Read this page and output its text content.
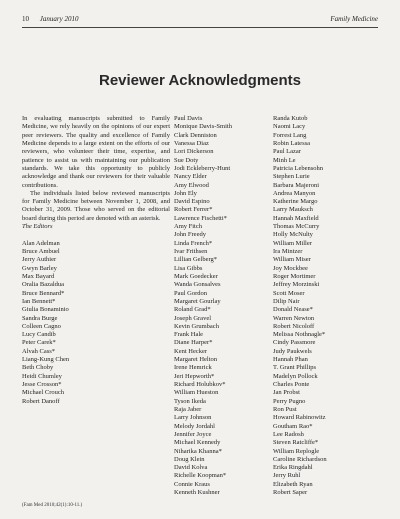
10 January 2010	Family Medicine
Reviewer Acknowledgments

In evaluating manuscripts submitted to Family Medicine, we rely heavily on the opinions of our expert peer reviewers. The quality and excellence of Family Medicine depends to a large extent on the efforts of our reviewers, who volunteer their time, expertise, and patience to assist us with maintaining our publication standards. We take this opportunity to publicly acknowledge and thank our reviewers for their valuable contributions.

The individuals listed below reviewed manuscripts for Family Medicine between November 1, 2008, and October 31, 2009. Those who served on the editorial board during this period are denoted with an asterisk.

The Editors

Alan Adelman
Bruce Ambuel
Jerry Authier
Gwyn Barley
Max Bayard
Oralia Bazaldua
Bruce Bennard*
Ian Bennett*
Giulia Bonaminio
Sandra Burge
Colleen Cagno
Lucy Candib
Peter Carek*
Alvah Cass*
Liang-Kung Chen
Beth Choby
Heidi Chumley
Jesse Crosson*
Michael Crouch
Robert Danoff
Paul Davis
Monique Davis-Smith
Clark Denniston
Vanessa Diaz
Lori Dickerson
Sue Doty
Jodi Eckleberry-Hunt
Nancy Elder
Amy Elwood
John Ely
David Espino
Robert Ferrer*
Lawrence Fischetti*
Amy Fitch
John Freedy
Linda French*
Ivar Frithsen
Lillian Gelberg*
Lisa Gibbs
Mark Goedecker
Wanda Gonsalves
Paul Gordon
Margaret Gourlay
Roland Grad*
Joseph Gravel
Kevin Grumbach
Frank Hale
Diane Harper*
Kent Hecker
Margaret Helton
Irene Hemrick
Jeri Hepworth*
Richard Holubkov*
William Hueston
Tyson Ikeda
Raja Jaber
Larry Johnson
Melody Jordahl
Jennifer Joyce
Michael Kennedy
Niharika Khanna*
Doug Klein
David Kolva
Richelle Koopman*
Connie Kraus
Kenneth Kushner
Randa Kutob
Naomi Lacy
Forrest Lang
Robin Latessa
Paul Lazar
Minh Le
Patricia Lebensohn
Stephen Lurie
Barbara Majeroni
Andrea Manyon
Katherine Margo
Larry Mauksch
Hannah Maxfield
Thomas McCurry
Holly McNulty
William Miller
Ira Mintzer
William Miser
Joy Mockbee
Roger Mortimer
Jeffrey Morzinski
Scott Moser
Dilip Nair
Donald Nease*
Warren Newton
Robert Nicoloff
Melissa Nothnagle*
Cindy Passmore
Judy Paukwels
Hannah Phan
T. Grant Phillips
Madelyn Pollock
Charles Ponte
Jan Probst
Perry Pugno
Ron Pust
Howard Rabinowitz
Goutham Rao*
Lee Radosh
Steven Ratcliffe*
William Replogle
Caroline Richardson
Erika Ringdahl
Jerry Ruhl
Elizabeth Ryan
Robert Saper
(Fam Med 2010;42(1):10-11.)
